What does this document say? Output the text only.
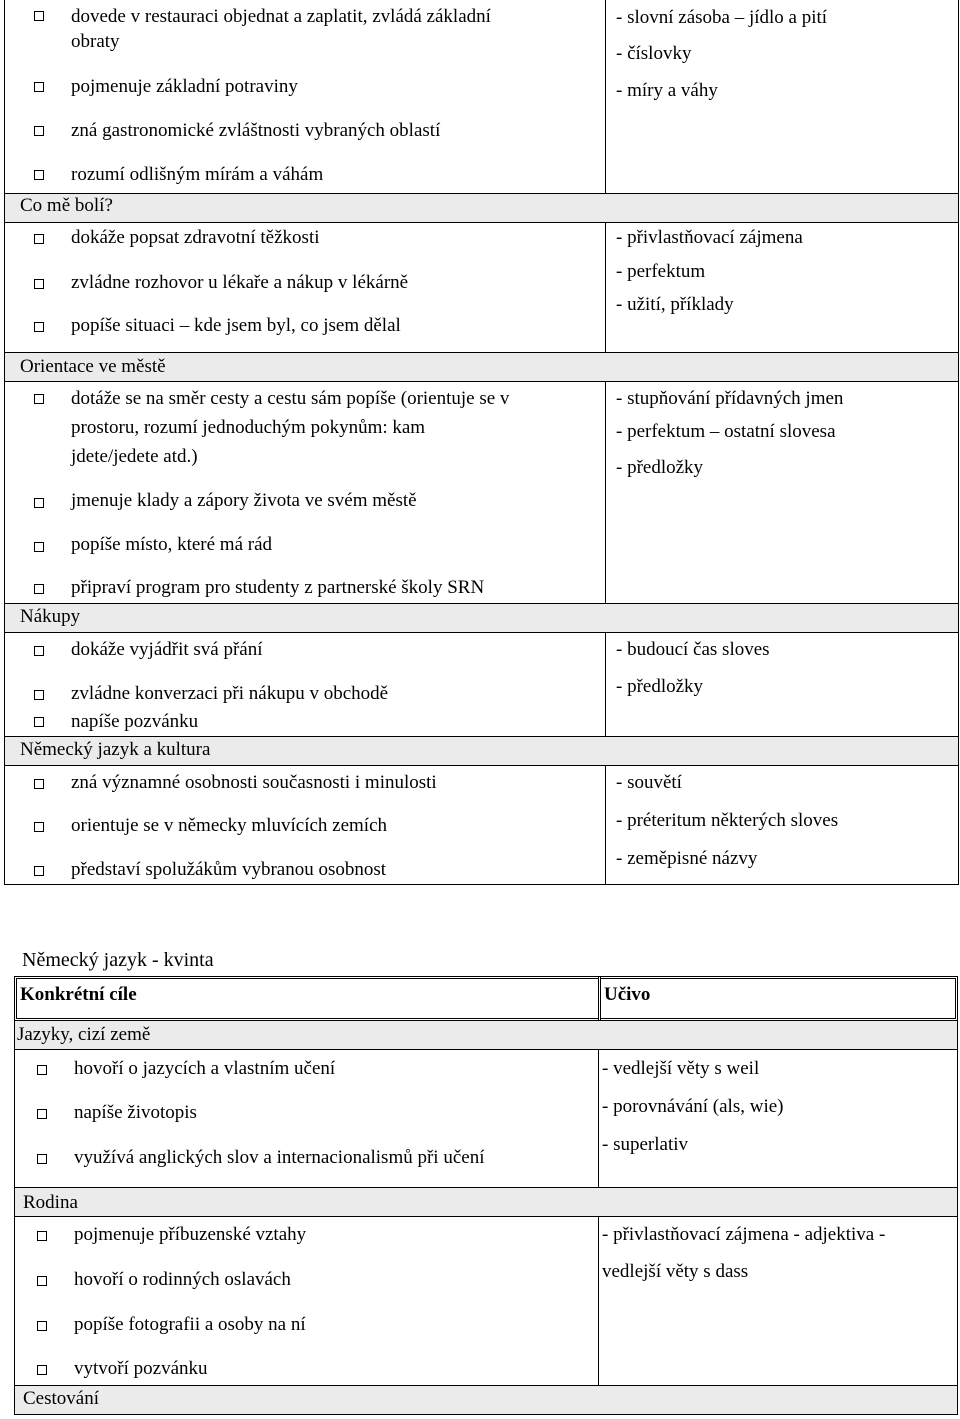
dovede v restauraci objednat a zaplatit, zvládá základní
obraty
pojmenuje základní potraviny
zná gastronomické zvláštnosti vybraných oblastí
rozumí odlišným mírám a váhám
- slovní zásoba – jídlo a pití
- číslovky
- míry a váhy
Co mě bolí?
dokáže popsat zdravotní těžkosti
zvládne rozhovor u lékaře a nákup v lékárně
popíše situaci – kde jsem byl, co jsem dělal
- přivlastňovací zájmena
- perfektum
- užití, příklady
Orientace ve městě
dotáže se na směr cesty a cestu sám popíše (orientuje se v
prostoru, rozumí jednoduchým pokynům: kam
jdete/jedete atd.)
jmenuje klady a zápory života ve svém městě
popíše místo, které má rád
připraví program pro studenty z partnerské školy SRN
- stupňování přídavných jmen
- perfektum – ostatní slovesa
- předložky
Nákupy
dokáže vyjádřit svá přání
zvládne konverzaci při nákupu v obchodě
napíše pozvánku
- budoucí čas sloves
- předložky
Německý jazyk a kultura
zná významné osobnosti současnosti i minulosti
orientuje se v německy mluvících zemích
představí spolužákům vybranou osobnost
- souvětí
- préteritum některých sloves
- zeměpisné názvy
Německý jazyk - kvinta
Konkrétní cíle	Učivo
Jazyky, cizí země
hovoří o jazycích a vlastním učení
napíše životopis
využívá anglických slov a internacionalismů při učení
- vedlejší věty s weil
- porovnávání (als, wie)
- superlativ
Rodina
pojmenuje příbuzenské vztahy
hovoří o rodinných oslavách
popíše fotografii a osoby na ní
vytvoří pozvánku
- přivlastňovací zájmena - adjektiva -
vedlejší věty s dass
Cestování
